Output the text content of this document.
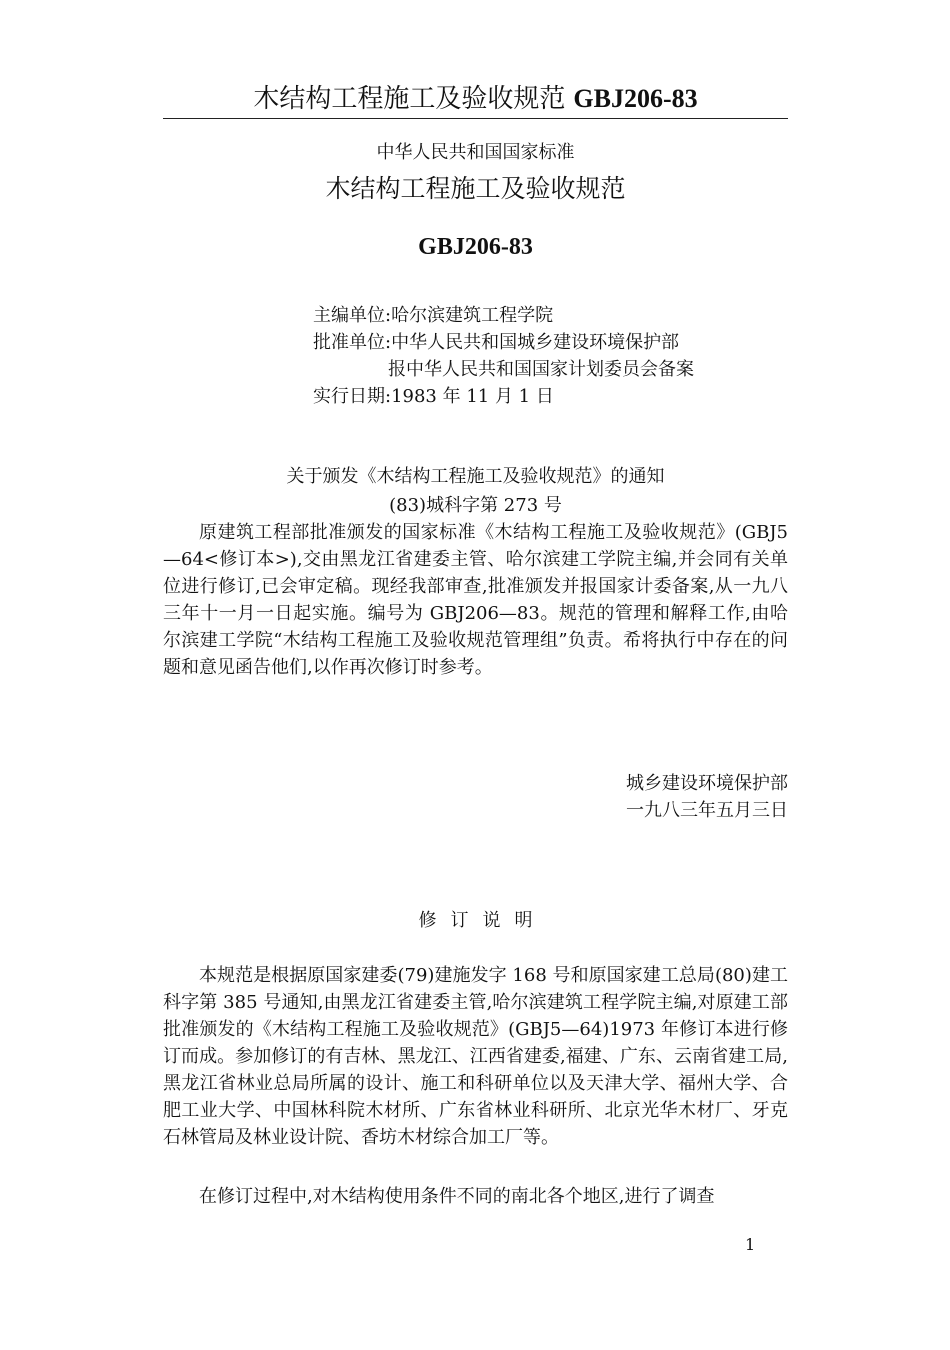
木结构工程施工及验收规范 GBJ206-83
中华人民共和国国家标准
木结构工程施工及验收规范
GBJ206-83
主编单位:哈尔滨建筑工程学院
批准单位:中华人民共和国城乡建设环境保护部
报中华人民共和国国家计划委员会备案
实行日期:1983 年 11 月 1 日
关于颁发《木结构工程施工及验收规范》的通知
(83)城科字第 273 号
原建筑工程部批准颁发的国家标准《木结构工程施工及验收规范》(GBJ5—64<修订本>),交由黑龙江省建委主管、哈尔滨建工学院主编,并会同有关单位进行修订,已会审定稿。现经我部审查,批准颁发并报国家计委备案,从一九八三年十一月一日起实施。编号为 GBJ206—83。规范的管理和解释工作,由哈尔滨建工学院“木结构工程施工及验收规范管理组”负责。希将执行中存在的问题和意见函告他们,以作再次修订时参考。
城乡建设环境保护部
一九八三年五月三日
修订说明
本规范是根据原国家建委(79)建施发字 168 号和原国家建工总局(80)建工科字第 385 号通知,由黑龙江省建委主管,哈尔滨建筑工程学院主编,对原建工部批准颁发的《木结构工程施工及验收规范》(GBJ5—64)1973 年修订本进行修订而成。参加修订的有吉林、黑龙江、江西省建委,福建、广东、云南省建工局,黑龙江省林业总局所属的设计、施工和科研单位以及天津大学、福州大学、合肥工业大学、中国林科院木材所、广东省林业科研所、北京光华木材厂、牙克石林管局及林业设计院、香坊木材综合加工厂等。
在修订过程中,对木结构使用条件不同的南北各个地区,进行了调查
1
